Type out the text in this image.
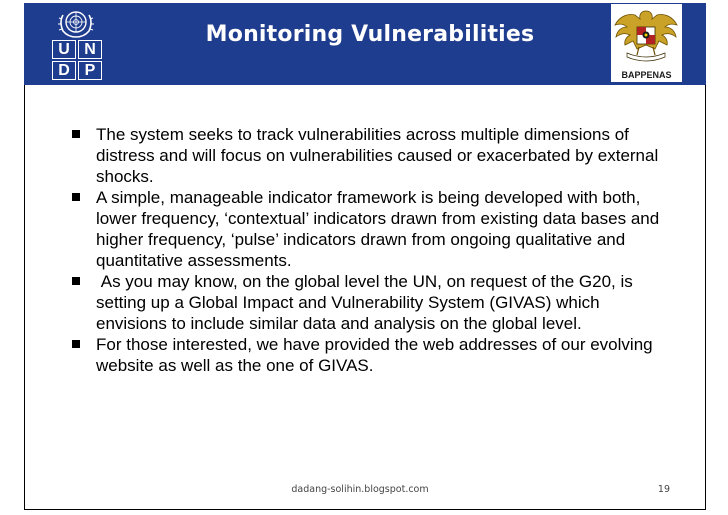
U N
D P
Monitoring Vulnerabilities
BAPPENAS
The system seeks to track vulnerabilities across multiple dimensions of distress and will focus on vulnerabilities caused or exacerbated by external shocks.
A simple, manageable indicator framework is being developed with both, lower frequency, ‘contextual’ indicators drawn from existing data bases and higher frequency, ‘pulse’ indicators drawn from ongoing qualitative and quantitative assessments.
As you may know, on the global level the UN, on request of the G20, is setting up a Global Impact and Vulnerability System (GIVAS) which envisions to include similar data and analysis on the global level.
For those interested, we have provided the web addresses of our evolving website as well as the one of GIVAS.
dadang-solihin.blogspot.com	19
